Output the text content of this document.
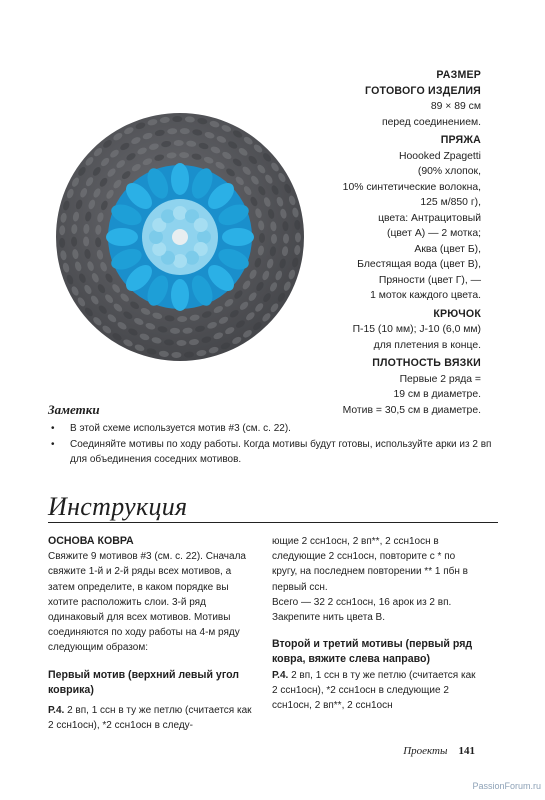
РАЗМЕР
ГОТОВОГО ИЗДЕЛИЯ
89 × 89 см
перед соединением.
ПРЯЖА
Hoooked Zpagetti
(90% хлопок,
10% синтетические волокна,
125 м/850 г),
цвета: Антрацитовый
(цвет А) — 2 мотка;
Аква (цвет Б),
Блестящая вода (цвет В),
Пряности (цвет Г), —
1 моток каждого цвета.
КРЮЧОК
П-15 (10 мм); J-10 (6,0 мм)
для плетения в конце.
ПЛОТНОСТЬ ВЯЗКИ
Первые 2 ряда =
19 см в диаметре.
Мотив = 30,5 см в диаметре.
Заметки
• В этой схеме используется мотив #3 (см. с. 22).
• Соединяйте мотивы по ходу работы. Когда мотивы будут готовы, используйте арки из 2 вп для объединения соседних мотивов.
Инструкция

ОСНОВА КОВРА

Свяжите 9 мотивов #3 (см. с. 22). Сначала свяжите 1-й и 2-й ряды всех мотивов, а затем определите, в каком порядке вы хотите расположить слои. 3-й ряд одинаковый для всех мотивов. Мотивы соединяются по ходу работы на 4-м ряду следующим образом:

Первый мотив (верхний левый угол коврика)

Р.4. 2 вп, 1 ссн в ту же петлю (считается как 2 ссн1осн), *2 ссн1осн в следу-

ющие 2 ссн1осн, 2 вп**, 2 ссн1осн в следующие 2 ссн1осн, повторите с * по кругу, на последнем повторении ** 1 пбн в первый ссн.

Всего — 32 2 ссн1осн, 16 арок из 2 вп. Закрепите нить цвета В.

Второй и третий мотивы (первый ряд ковра, вяжите слева направо)

Р.4. 2 вп, 1 ссн в ту же петлю (считается как 2 ссн1осн), *2 ссн1осн в следующие 2 ссн1осн, 2 вп**, 2 ссн1осн

Проекты 141
PassionForum.ru
